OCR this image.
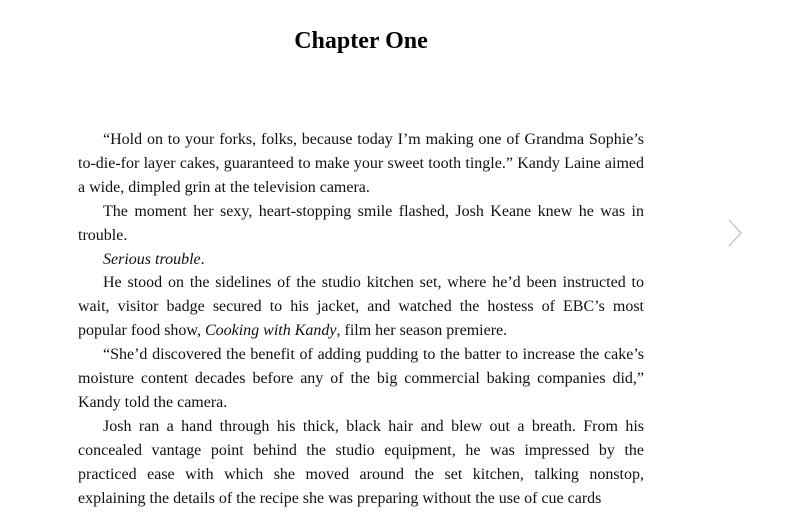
Chapter One

“Hold on to your forks, folks, because today I’m making one of Grandma Sophie’s to-die-for layer cakes, guaranteed to make your sweet tooth tingle.” Kandy Laine aimed a wide, dimpled grin at the television camera.

The moment her sexy, heart-stopping smile flashed, Josh Keane knew he was in trouble.

Serious trouble.

He stood on the sidelines of the studio kitchen set, where he’d been instructed to wait, visitor badge secured to his jacket, and watched the hostess of EBC’s most popular food show, Cooking with Kandy, film her season premiere.

“She’d discovered the benefit of adding pudding to the batter to increase the cake’s moisture content decades before any of the big commercial baking companies did,” Kandy told the camera.

Josh ran a hand through his thick, black hair and blew out a breath. From his concealed vantage point behind the studio equipment, he was impressed by the practiced ease with which she moved around the set kitchen, talking nonstop, explaining the details of the recipe she was preparing without the use of cue cards
